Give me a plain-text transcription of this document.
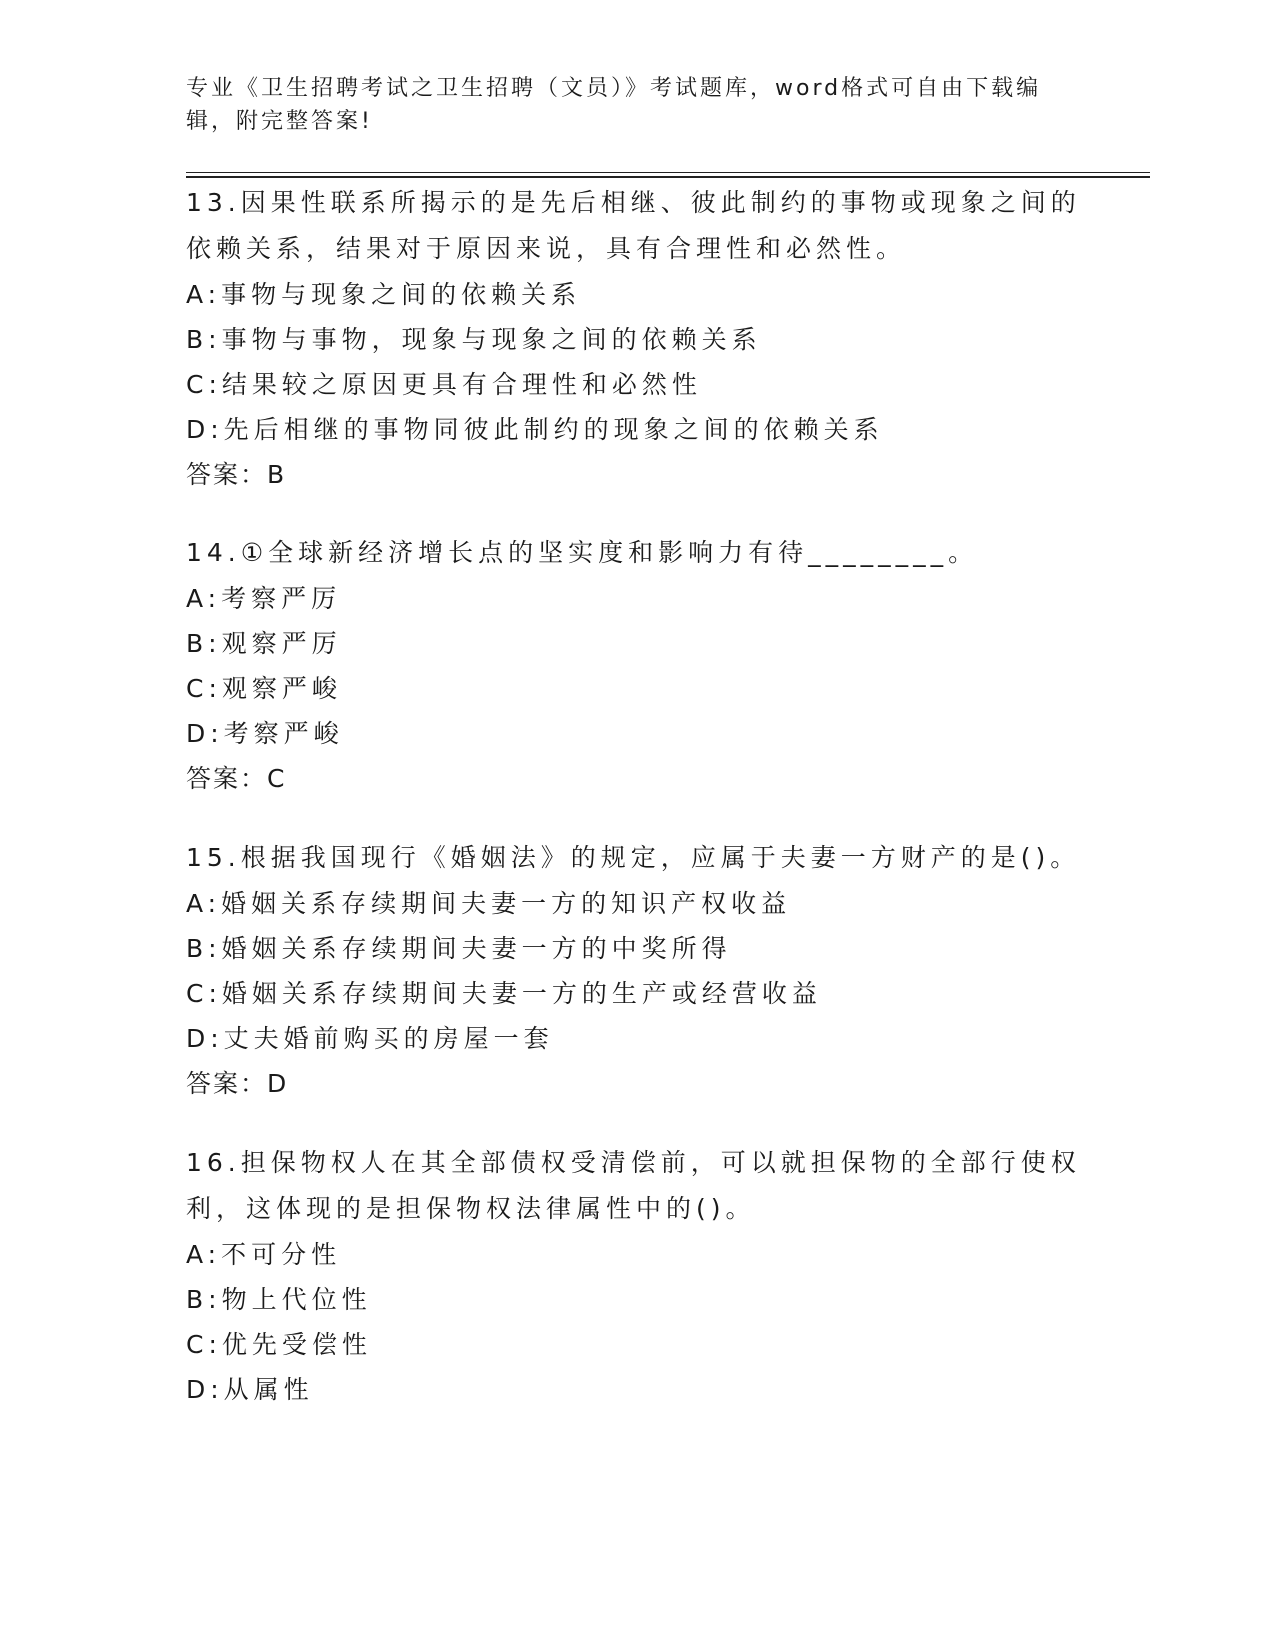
专业《卫生招聘考试之卫生招聘（文员）》考试题库，word格式可自由下载编辑，附完整答案!

13.因果性联系所揭示的是先后相继、彼此制约的事物或现象之间的依赖关系，结果对于原因来说，具有合理性和必然性。

A:事物与现象之间的依赖关系

B:事物与事物，现象与现象之间的依赖关系

C:结果较之原因更具有合理性和必然性

D:先后相继的事物同彼此制约的现象之间的依赖关系

答案：B

14.①全球新经济增长点的坚实度和影响力有待________。

A:考察严厉

B:观察严厉

C:观察严峻

D:考察严峻

答案：C

15.根据我国现行《婚姻法》的规定，应属于夫妻一方财产的是()。

A:婚姻关系存续期间夫妻一方的知识产权收益

B:婚姻关系存续期间夫妻一方的中奖所得

C:婚姻关系存续期间夫妻一方的生产或经营收益

D:丈夫婚前购买的房屋一套

答案：D

16.担保物权人在其全部债权受清偿前，可以就担保物的全部行使权利，这体现的是担保物权法律属性中的()。

A:不可分性

B:物上代位性

C:优先受偿性

D:从属性
